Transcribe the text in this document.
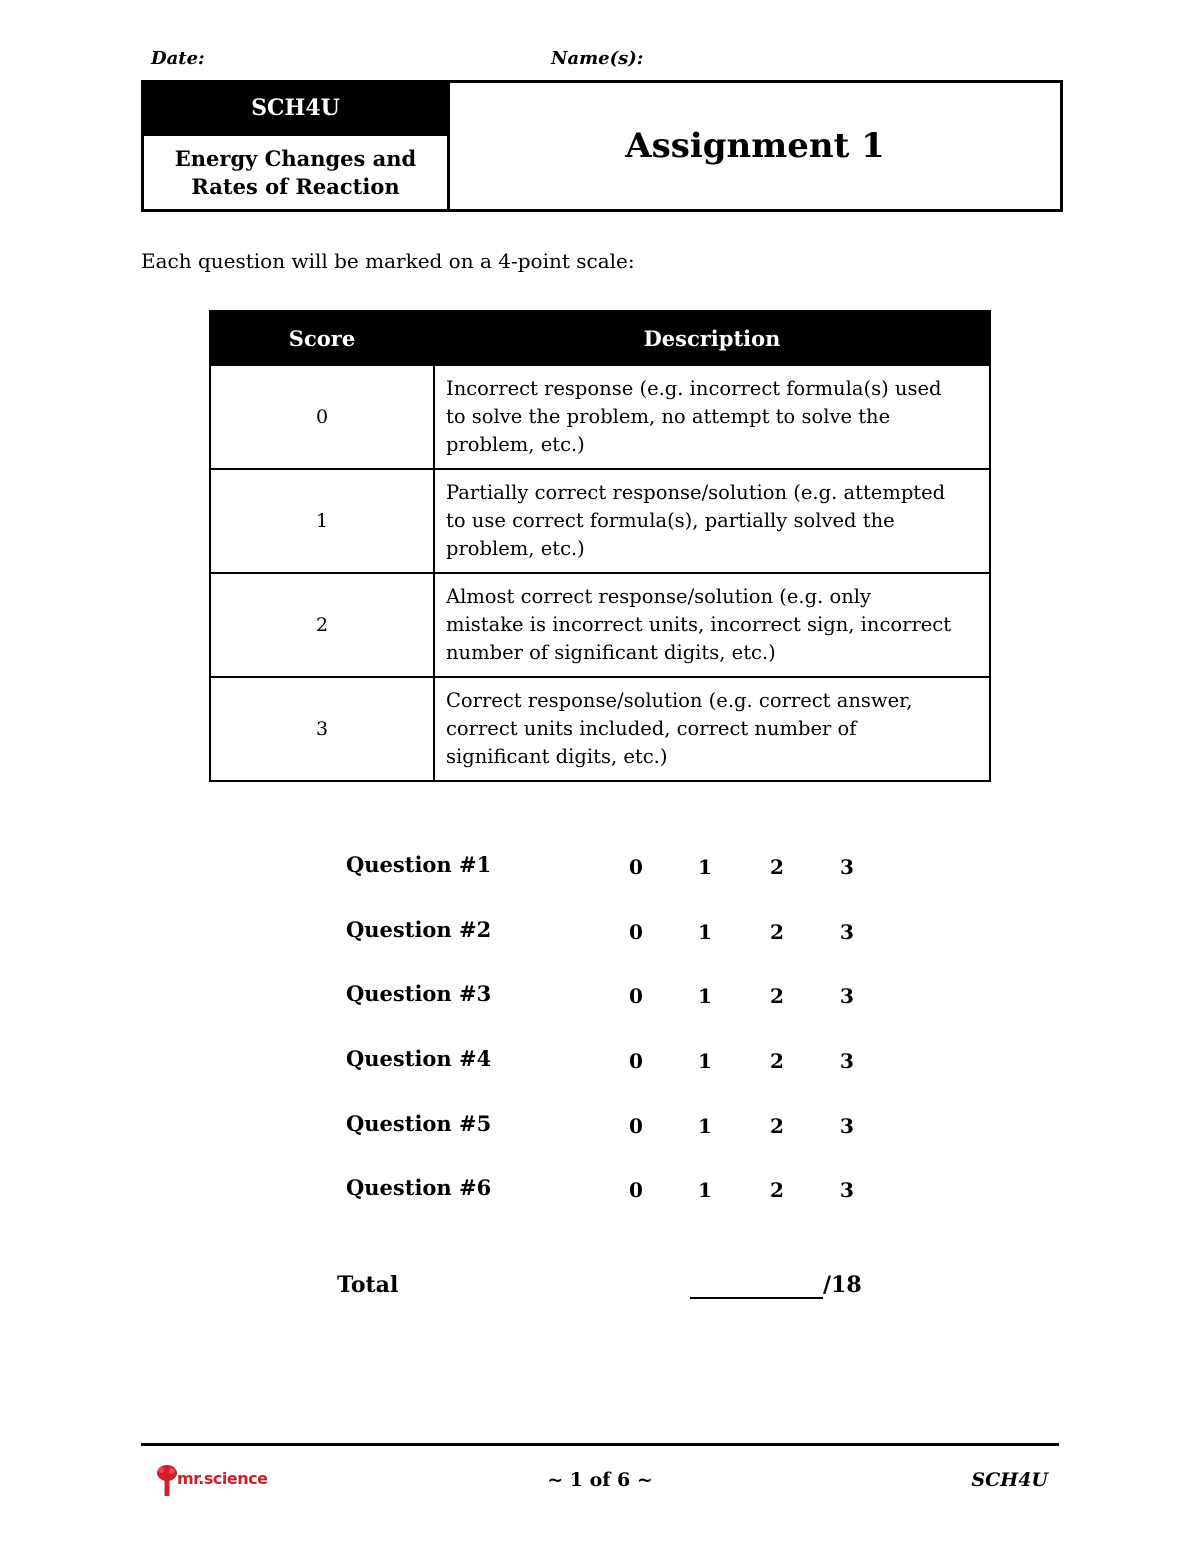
Date:	Name(s):
SCH4U
Energy Changes and
Rates of Reaction
Assignment 1
Each question will be marked on a 4-point scale:
Score	Description
0	Incorrect response (e.g. incorrect formula(s) used
to solve the problem, no attempt to solve the
problem, etc.)

1	Partially correct response/solution (e.g. attempted
to use correct formula(s), partially solved the
problem, etc.)

2	Almost correct response/solution (e.g. only
mistake is incorrect units, incorrect sign, incorrect
number of significant digits, etc.)

3	Correct response/solution (e.g. correct answer,
correct units included, correct number of
significant digits, etc.)
Question #1	0	1	2	3
Question #2	0	1	2	3
Question #3	0	1	2	3
Question #4	0	1	2	3
Question #5	0	1	2	3
Question #6	0	1	2	3
Total	/18
mr.science	~ 1 of 6 ~	SCH4U
